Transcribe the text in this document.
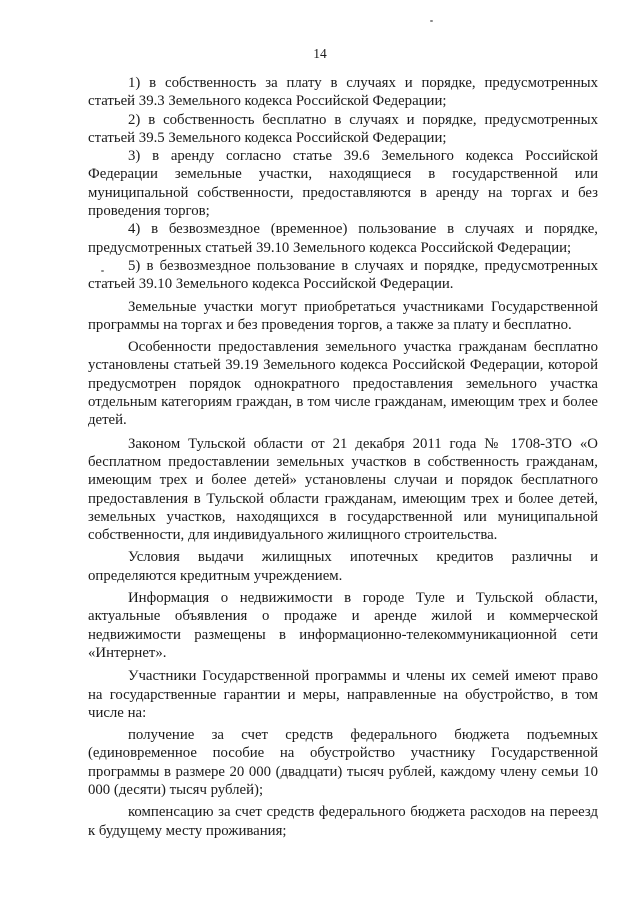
14

1) в собственность за плату в случаях и порядке, предусмотренных статьей 39.3 Земельного кодекса Российской Федерации;

2) в собственность бесплатно в случаях и порядке, предусмотренных статьей 39.5 Земельного кодекса Российской Федерации;

3) в аренду согласно статье 39.6 Земельного кодекса Российской Федерации земельные участки, находящиеся в государственной или муниципальной собственности, предоставляются в аренду на торгах и без проведения торгов;

4) в безвозмездное (временное) пользование в случаях и порядке, предусмотренных статьей 39.10 Земельного кодекса Российской Федерации;

5) в безвозмездное пользование в случаях и порядке, предусмотренных статьей 39.10 Земельного кодекса Российской Федерации.

Земельные участки могут приобретаться участниками Государственной программы на торгах и без проведения торгов, а также за плату и бесплатно.

Особенности предоставления земельного участка гражданам бесплатно установлены статьей 39.19 Земельного кодекса Российской Федерации, которой предусмотрен порядок однократного предоставления земельного участка отдельным категориям граждан, в том числе гражданам, имеющим трех и более детей.

Законом Тульской области от 21 декабря 2011 года № 1708-ЗТО «О бесплатном предоставлении земельных участков в собственность гражданам, имеющим трех и более детей» установлены случаи и порядок бесплатного предоставления в Тульской области гражданам, имеющим трех и более детей, земельных участков, находящихся в государственной или муниципальной собственности, для индивидуального жилищного строительства.

Условия выдачи жилищных ипотечных кредитов различны и определяются кредитным учреждением.

Информация о недвижимости в городе Туле и Тульской области, актуальные объявления о продаже и аренде жилой и коммерческой недвижимости размещены в информационно-телекоммуникационной сети «Интернет».

Участники Государственной программы и члены их семей имеют право на государственные гарантии и меры, направленные на обустройство, в том числе на:

получение за счет средств федерального бюджета подъемных (единовременное пособие на обустройство участнику Государственной программы в размере 20 000 (двадцати) тысяч рублей, каждому члену семьи 10 000 (десяти) тысяч рублей);

компенсацию за счет средств федерального бюджета расходов на переезд к будущему месту проживания;
